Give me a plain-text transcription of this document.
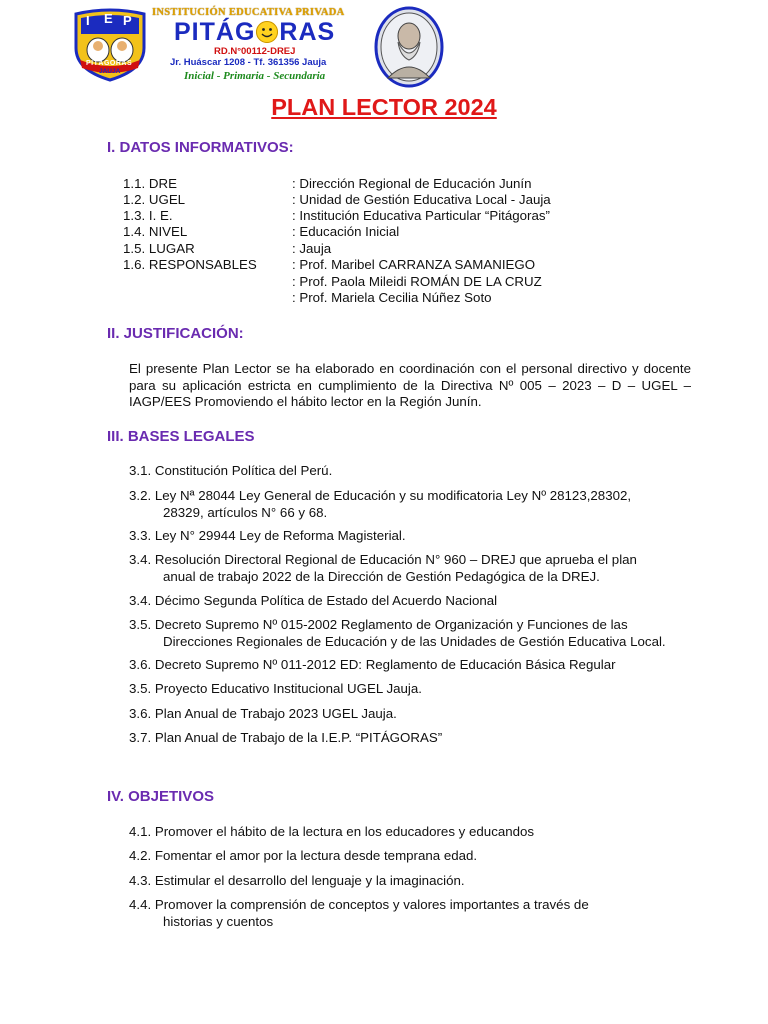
I E P
PITÁGORAS
JAUJA
INSTITUCIÓN EDUCATIVA PRIVADA
PITÁG RAS
RD.N°00112-DREJ
Jr. Huáscar 1208 - Tf. 361356 Jauja
Inicial - Primaria - Secundaria
PLAN LECTOR 2024
I. DATOS INFORMATIVOS:
1.1. DRE	: Dirección Regional de Educación Junín
1.2. UGEL	: Unidad de Gestión Educativa Local - Jauja
1.3. I. E.	: Institución Educativa Particular “Pitágoras”
1.4. NIVEL	: Educación Inicial
1.5. LUGAR	: Jauja
1.6. RESPONSABLES	: Prof. Maribel CARRANZA SAMANIEGO
: Prof. Paola Mileidi ROMÁN DE LA CRUZ
: Prof. Mariela Cecilia Núñez Soto
II. JUSTIFICACIÓN:
El presente Plan Lector se ha elaborado en coordinación con el personal directivo y docente para su aplicación estricta en cumplimiento de la Directiva Nº 005 – 2023 – D – UGEL – IAGP/EES Promoviendo el hábito lector en la Región Junín.
III. BASES LEGALES
3.1. Constitución Política del Perú.
3.2. Ley Nª 28044 Ley General de Educación y su modificatoria Ley Nº 28123,28302,
28329, artículos N° 66 y 68.
3.3. Ley N° 29944 Ley de Reforma Magisterial.
3.4. Resolución Directoral Regional de Educación N° 960 – DREJ que aprueba el plan
anual de trabajo 2022 de la Dirección de Gestión Pedagógica de la DREJ.
3.4. Décimo Segunda Política de Estado del Acuerdo Nacional
3.5. Decreto Supremo Nº 015-2002 Reglamento de Organización y Funciones de las
Direcciones Regionales de Educación y de las Unidades de Gestión Educativa Local.
3.6. Decreto Supremo Nº 011-2012 ED: Reglamento de Educación Básica Regular
3.5. Proyecto Educativo Institucional UGEL Jauja.
3.6. Plan Anual de Trabajo 2023 UGEL Jauja.
3.7. Plan Anual de Trabajo de la I.E.P. “PITÁGORAS”
IV. OBJETIVOS
4.1. Promover el hábito de la lectura en los educadores y educandos
4.2. Fomentar el amor por la lectura desde temprana edad.
4.3. Estimular el desarrollo del lenguaje y la imaginación.
4.4. Promover la comprensión de conceptos y valores importantes a través de
historias y cuentos
